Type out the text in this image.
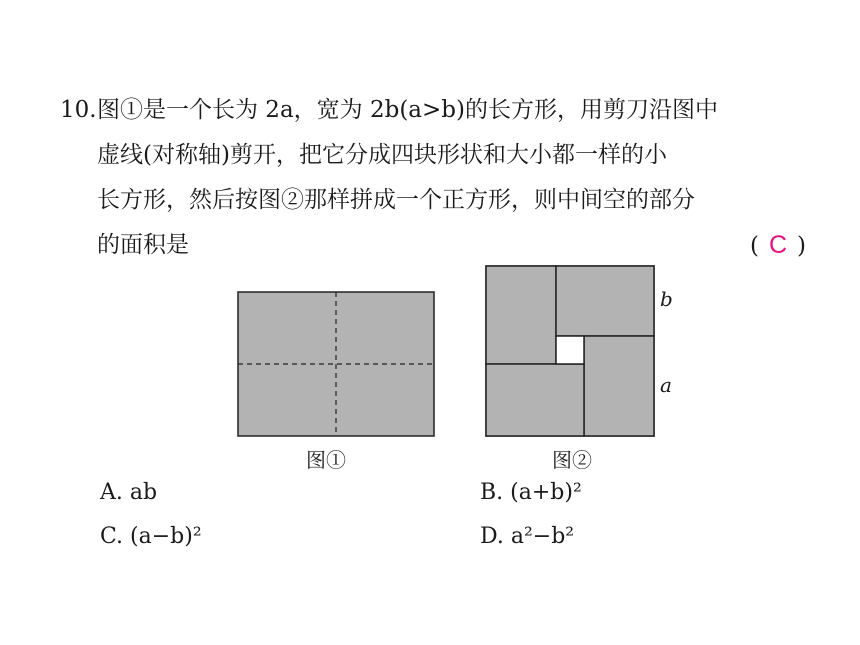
10.图①是一个长为 2a，宽为 2b(a>b)的长方形，用剪刀沿图中
虚线(对称轴)剪开，把它分成四块形状和大小都一样的小
长方形，然后按图②那样拼成一个正方形，则中间空的部分
的面积是	( C )
b
a
图①	图②
A. ab	B. (a+b)²
C. (a−b)²	D. a²−b²
